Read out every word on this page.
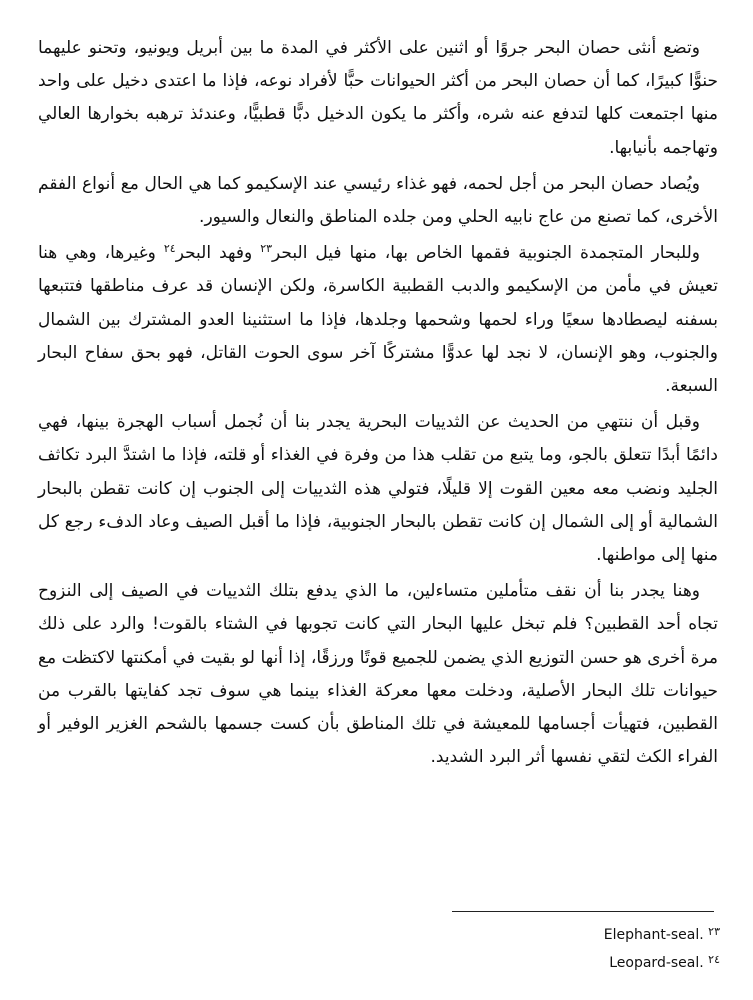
وتضع أنثى حصان البحر جروًا أو اثنين على الأكثر في المدة ما بين أبريل ويونيو، وتحنو عليهما حنوًّا كبيرًا، كما أن حصان البحر من أكثر الحيوانات حبًّا لأفراد نوعه، فإذا ما اعتدى دخيل على واحد منها اجتمعت كلها لتدفع عنه شره، وأكثر ما يكون الدخيل دبًّا قطبيًّا، وعندئذ ترهبه بخوارها العالي وتهاجمه بأنيابها.

ويُصاد حصان البحر من أجل لحمه، فهو غذاء رئيسي عند الإسكيمو كما هي الحال مع أنواع الفقم الأخرى، كما تصنع من عاج نابيه الحلي ومن جلده المناطق والنعال والسيور.

وللبحار المتجمدة الجنوبية فقمها الخاص بها، منها فيل البحر$^{٢٣}$ وفهد البحر$^{٢٤}$ وغيرها، وهي هنا تعيش في مأمن من الإسكيمو والدبب القطبية الكاسرة، ولكن الإنسان قد عرف مناطقها فتتبعها بسفنه ليصطادها سعيًا وراء لحمها وشحمها وجلدها، فإذا ما استثنينا العدو المشترك بين الشمال والجنوب، وهو الإنسان، لا نجد لها عدوًّا مشتركًا آخر سوى الحوت القاتل، فهو بحق سفاح البحار السبعة.

وقبل أن ننتهي من الحديث عن الثدييات البحرية يجدر بنا أن نُجمل أسباب الهجرة بينها، فهي دائمًا أبدًا تتعلق بالجو، وما يتبع من تقلب هذا من وفرة في الغذاء أو قلته، فإذا ما اشتدَّ البرد تكاثف الجليد ونضب معه معين القوت إلا قليلًا، فتولي هذه الثدييات إلى الجنوب إن كانت تقطن بالبحار الشمالية أو إلى الشمال إن كانت تقطن بالبحار الجنوبية، فإذا ما أقبل الصيف وعاد الدفء رجع كل منها إلى مواطنها.

وهنا يجدر بنا أن نقف متأملين متساءلين، ما الذي يدفع بتلك الثدييات في الصيف إلى النزوح تجاه أحد القطبين؟ فلم تبخل عليها البحار التي كانت تجوبها في الشتاء بالقوت! والرد على ذلك مرة أخرى هو حسن التوزيع الذي يضمن للجميع قوتًا ورزقًا، إذا أنها لو بقيت في أمكنتها لاكتظت مع حيوانات تلك البحار الأصلية، ودخلت معها معركة الغذاء بينما هي سوف تجد كفايتها بالقرب من القطبين، فتهيأت أجسامها للمعيشة في تلك المناطق بأن كست جسمها بالشحم الغزير الوفير أو الفراء الكث لتقي نفسها أثر البرد الشديد.

$^{٢٣}$ Elephant-seal.

$^{٢٤}$ Leopard-seal.
